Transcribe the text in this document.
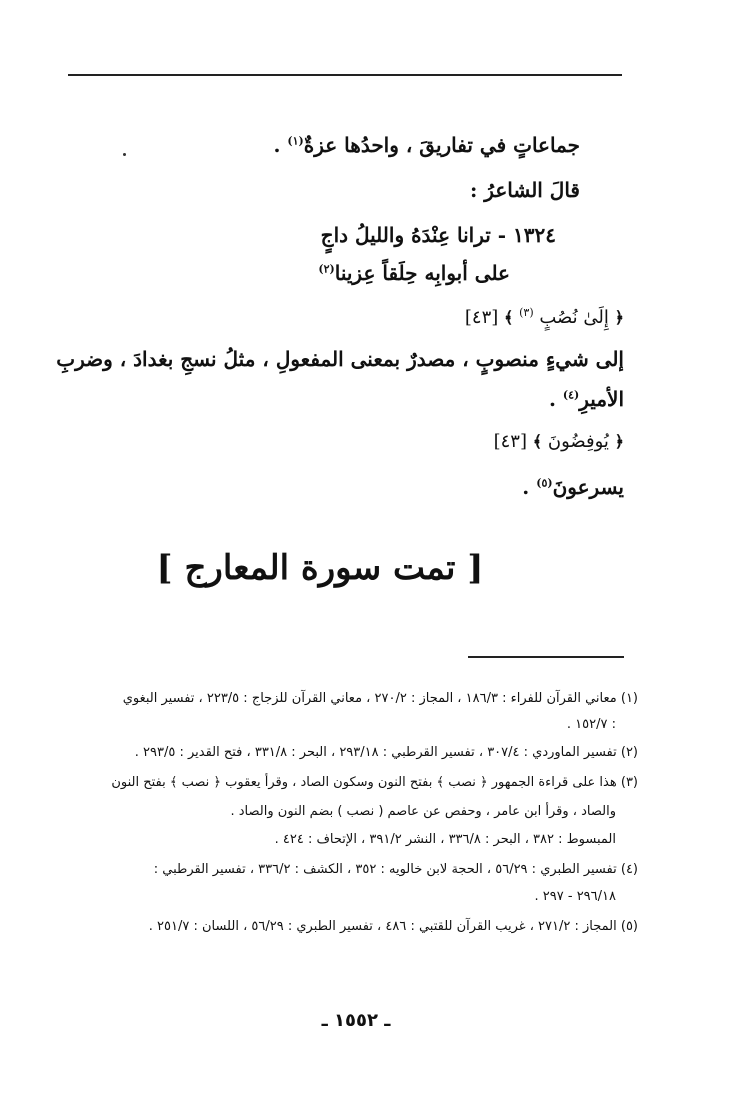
جماعاتٍ في تفاريقَ ، واحدُها عزةٌ$^{(١)}$ .
قالَ الشاعرُ :
١٣٢٤ - ترانا عِنْدَهُ والليلُ داجٍ
على أبوابِه حِلَقاً عِزينا$^{(٢)}$
﴿ إِلَىٰ نُصُبٍ $^{(٣)}$ ﴾ [٤٣]
إلى شيءٍ منصوبٍ ، مصدرٌ بمعنى المفعولِ ، مثلُ نسجِ بغدادَ ، وضربِ
الأميرِ$^{(٤)}$ .
﴿ يُوفِضُونَ ﴾ [٤٣]
يسرعونَ$^{(٥)}$ .
[ تمت سورة المعارج ]
(١) معاني القرآن للفراء : ١٨٦/٣ ، المجاز : ٢٧٠/٢ ، معاني القرآن للزجاج : ٢٢٣/٥ ، تفسير البغوي
: ١٥٢/٧ .
(٢) تفسير الماوردي : ٣٠٧/٤ ، تفسير القرطبي : ٢٩٣/١٨ ، البحر : ٣٣١/٨ ، فتح القدير : ٢٩٣/٥ .
(٣) هذا على قراءة الجمهور ﴿ نصب ﴾ بفتح النون وسكون الصاد ، وقرأ يعقوب ﴿ نصب ﴾ بفتح النون
والصاد ، وقرأ ابن عامر ، وحفص عن عاصم ( نصب ) بضم النون والصاد .
المبسوط : ٣٨٢ ، البحر : ٣٣٦/٨ ، النشر ٣٩١/٢ ، الإتحاف : ٤٢٤ .
(٤) تفسير الطبري : ٥٦/٢٩ ، الحجة لابن خالويه : ٣٥٢ ، الكشف : ٣٣٦/٢ ، تفسير القرطبي :
٢٩٦/١٨ - ٢٩٧ .
(٥) المجاز : ٢٧١/٢ ، غريب القرآن للقتبي : ٤٨٦ ، تفسير الطبري : ٥٦/٢٩ ، اللسان : ٢٥١/٧ .
ـ ١٥٥٢ ـ
